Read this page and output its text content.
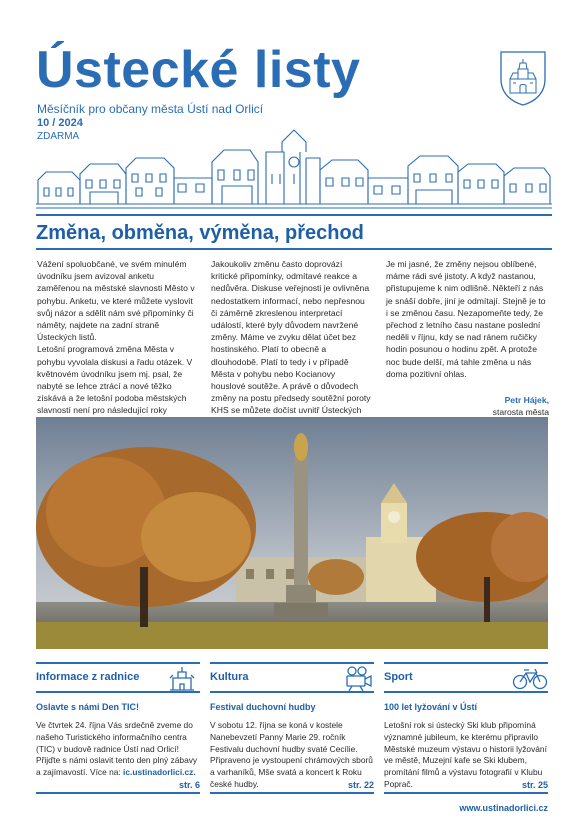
Ústecké listy
Měsíčník pro občany města Ústí nad Orlicí
10 / 2024
ZDARMA
Změna, obměna, výměna, přechod

Vážení spoluobčané, ve svém minulém úvodníku jsem avizoval anketu zaměřenou na městské slavnosti Město v pohybu. Anketu, ve které můžete vyslovit svůj názor a sdělit nám své připomínky či náměty, najdete na zadní straně Ústeckých listů.

Letošní programová změna Města v pohybu vyvolala diskusi a řadu otázek. V květnovém úvodníku jsem mj. psal, že nabyté se lehce ztrácí a nové těžko získává a že letošní podoba městských slavností není pro následující roky

Jakoukoliv změnu často doprovází kritické připomínky, odmítavé reakce a nedůvěra. Diskuse veřejnosti je ovlivněna nedostatkem informací, nebo nepřesnou či záměrně zkreslenou interpretací událostí, které byly důvodem navržené změny. Máme ve zvyku dělat účet bez hostinského. Platí to obecně a dlouhodobě. Platí to tedy i v případě Města v pohybu nebo Kocianovy houslové soutěže. A právě o důvodech změny na postu předsedy soutěžní poroty KHS se můžete dočíst uvnitř Ústeckých

Je mi jasné, že změny nejsou oblíbené, máme rádi své jistoty. A když nastanou, přistupujeme k nim odlišně. Někteří z nás je snáší dobře, jiní je odmítají. Stejně je to i se změnou času. Nezapomeňte tedy, že přechod z letního času nastane poslední neděli v říjnu, kdy se nad ránem ručičky hodin posunou o hodinu zpět. A protože noc bude delší, má tahle změna u nás doma pozitivní ohlas.

Petr Hájek,

starosta města

Informace z radnice
Oslavte s námi Den TIC!
Ve čtvrtek 24. října Vás srdečně zveme do našeho Turistického informačního centra (TIC) v budově radnice Ústí nad Orlicí! Přijďte s námi oslavit tento den plný zábavy a zajímavostí. Více na: ic.ustinadorlici.cz.
str. 6
Kultura
Festival duchovní hudby
V sobotu 12. října se koná v kostele Nanebevzetí Panny Marie 29. ročník Festivalu duchovní hudby svaté Cecílie. Připraveno je vystoupení chrámových sborů a varhaníků, Mše svatá a koncert k Roku české hudby.	str. 22
Sport
100 let lyžování v Ústí
Letošní rok si ústecký Ski klub připomíná významné jubileum, ke kterému připravilo Městské muzeum výstavu o historii lyžování ve městě, Muzejní kafe se Ski klubem, promítání filmů a výstavu fotografií v Klubu Poprač.	str. 25
www.ustinadorlici.cz
